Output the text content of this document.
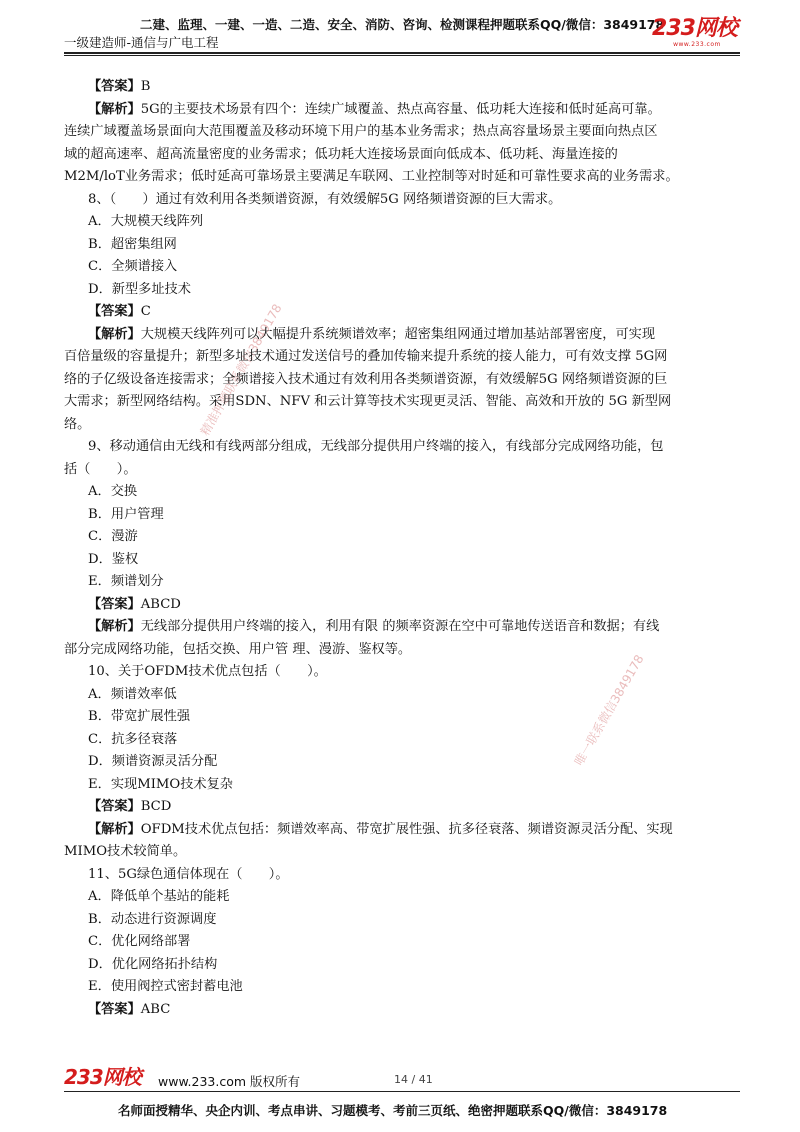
二建、监理、一建、一造、二造、安全、消防、咨询、检测课程押题联系QQ/微信：3849178
一级建造师-通信与广电工程
233网校
www.233.com
精准押题联系微信3849178
唯一联系微信3849178
【答案】B
【解析】5G的主要技术场景有四个：连续广域覆盖、热点高容量、低功耗大连接和低时延高可靠。
连续广域覆盖场景面向大范围覆盖及移动环境下用户的基本业务需求；热点高容量场景主要面向热点区
域的超高速率、超高流量密度的业务需求；低功耗大连接场景面向低成本、低功耗、海量连接的
M2M/loT业务需求；低时延高可靠场景主要满足车联网、工业控制等对时延和可靠性要求高的业务需求。
8、（　　）通过有效利用各类频谱资源，有效缓解5G 网络频谱资源的巨大需求。
A．大规模天线阵列
B．超密集组网
C．全频谱接入
D．新型多址技术
【答案】C
【解析】大规模天线阵列可以大幅提升系统频谱效率；超密集组网通过增加基站部署密度，可实现
百倍量级的容量提升；新型多址技术通过发送信号的叠加传输来提升系统的接人能力，可有效支撑 5G网
络的子亿级设备连接需求；全频谱接入技术通过有效利用各类频谱资源，有效缓解5G 网络频谱资源的巨
大需求；新型网络结构。采用SDN、NFV 和云计算等技术实现更灵活、智能、高效和开放的 5G 新型网
络。
9、移动通信由无线和有线两部分组成，无线部分提供用户终端的接入，有线部分完成网络功能，包
括（　　）。
A．交换
B．用户管理
C．漫游
D．鉴权
E．频谱划分
【答案】ABCD
【解析】无线部分提供用户终端的接入，利用有限 的频率资源在空中可靠地传送语音和数据；有线
部分完成网络功能，包括交换、用户管 理、漫游、鉴权等。
10、关于OFDM技术优点包括（　　）。
A．频谱效率低
B．带宽扩展性强
C．抗多径衰落
D．频谱资源灵活分配
E．实现MIMO技术复杂
【答案】BCD
【解析】OFDM技术优点包括：频谱效率高、带宽扩展性强、抗多径衰落、频谱资源灵活分配、实现
MIMO技术较简单。
11、5G绿色通信体现在（　　）。
A．降低单个基站的能耗
B．动态进行资源调度
C．优化网络部署
D．优化网络拓扑结构
E．使用阀控式密封蓄电池
【答案】ABC
233网校 www.233.com 版权所有	14 / 41
名师面授精华、央企内训、考点串讲、习题模考、考前三页纸、绝密押题联系QQ/微信：3849178
